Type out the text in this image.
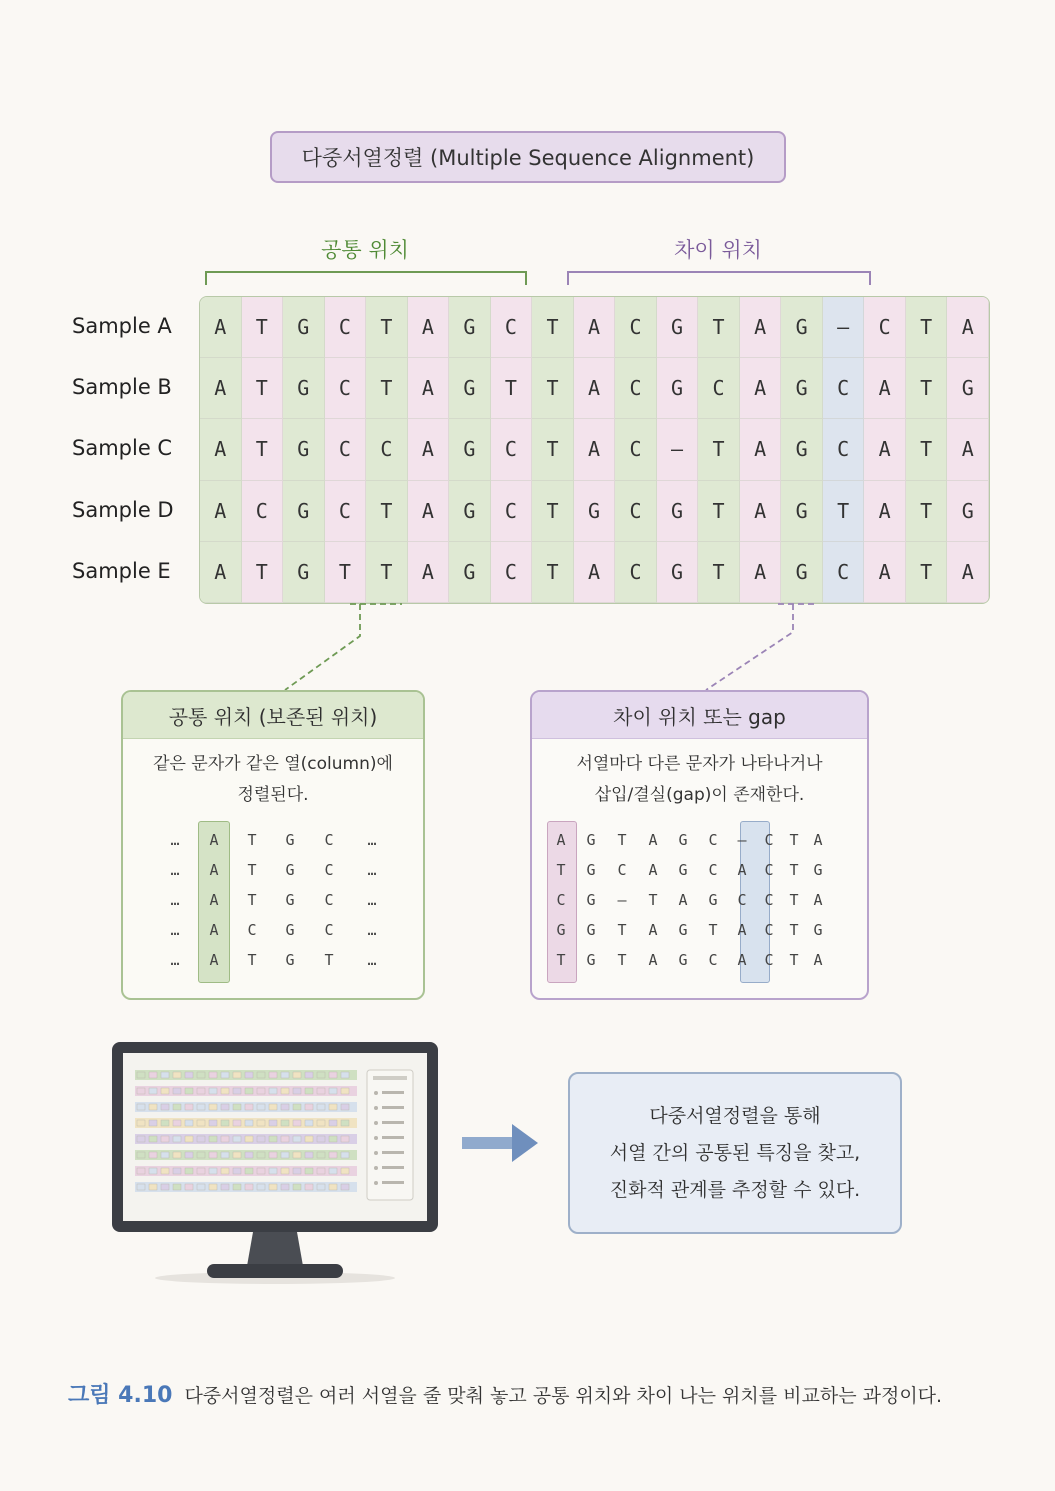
다중서열정렬 (Multiple Sequence Alignment)
공통 위치	차이 위치
Sample A
Sample B
Sample C
Sample D
Sample E
A	T	G	C	T	A	G	C	T	A	C	G	T	A	G	–	C	T	A
A	T	G	C	T	A	G	T	T	A	C	G	C	A	G	C	A	T	G
A	T	G	C	C	A	G	C	T	A	C	–	T	A	G	C	A	T	A
A	C	G	C	T	A	G	C	T	G	C	G	T	A	G	T	A	T	G
A	T	G	T	T	A	G	C	T	A	C	G	T	A	G	C	A	T	A
공통 위치 (보존된 위치)
같은 문자가 같은 열(column)에
정렬된다.
…	A	T	G	C	…
…	A	T	G	C	…
…	A	T	G	C	…
…	A	C	G	C	…
…	A	T	G	T	…
차이 위치 또는 gap
서열마다 다른 문자가 나타나거나
삽입/결실(gap)이 존재한다.
A	G	T	A	G	C	–	C	T A
T	G	C	A	G	C	A	C	T G
C	G	–	T	A	G	C	C	T A
G	G	T	A	G	T	A	C	T G
T	G	T	A	G	C	A	C	T A
다중서열정렬을 통해
서열 간의 공통된 특징을 찾고,
진화적 관계를 추정할 수 있다.
그림 4.10 다중서열정렬은 여러 서열을 줄 맞춰 놓고 공통 위치와 차이 나는 위치를 비교하는 과정이다.
